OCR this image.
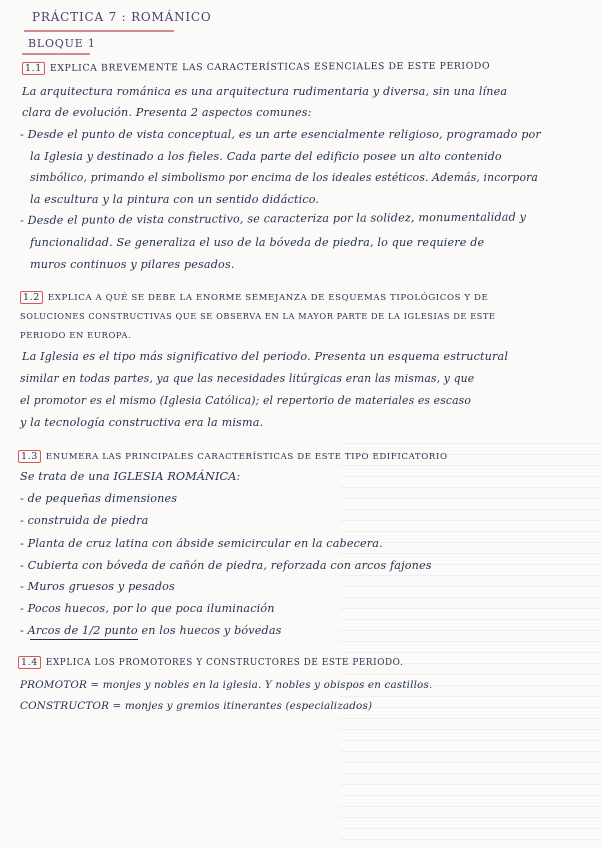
PRÁCTICA 7 : ROMÁNICO
BLOQUE 1
1.1 EXPLICA BREVEMENTE LAS CARACTERÍSTICAS ESENCIALES DE ESTE PERIODO
La arquitectura románica es una arquitectura rudimentaria y diversa, sin una línea
clara de evolución. Presenta 2 aspectos comunes:
- Desde el punto de vista conceptual, es un arte esencialmente religioso, programado por
la Iglesia y destinado a los fieles. Cada parte del edificio posee un alto contenido
simbólico, primando el simbolismo por encima de los ideales estéticos. Además, incorpora
la escultura y la pintura con un sentido didáctico.
- Desde el punto de vista constructivo, se caracteriza por la solidez, monumentalidad y
funcionalidad. Se generaliza el uso de la bóveda de piedra, lo que requiere de
muros continuos y pilares pesados.
1.2 EXPLICA A QUÉ SE DEBE LA ENORME SEMEJANZA DE ESQUEMAS TIPOLÓGICOS Y DE
SOLUCIONES CONSTRUCTIVAS QUE SE OBSERVA EN LA MAYOR PARTE DE LA IGLESIAS DE ESTE
PERIODO EN EUROPA.
La Iglesia es el tipo más significativo del periodo. Presenta un esquema estructural
similar en todas partes, ya que las necesidades litúrgicas eran las mismas, y que
el promotor es el mismo (Iglesia Católica); el repertorio de materiales es escaso
y la tecnología constructiva era la misma.
1.3 ENUMERA LAS PRINCIPALES CARACTERÍSTICAS DE ESTE TIPO EDIFICATORIO
Se trata de una IGLESIA ROMÁNICA:
- de pequeñas dimensiones
- construida de piedra
- Planta de cruz latina con ábside semicircular en la cabecera.
- Cubierta con bóveda de cañón de piedra, reforzada con arcos fajones
- Muros gruesos y pesados
- Pocos huecos, por lo que poca iluminación
- Arcos de 1/2 punto en los huecos y bóvedas
1.4 EXPLICA LOS PROMOTORES Y CONSTRUCTORES DE ESTE PERIODO.
PROMOTOR = monjes y nobles en la iglesia. Y nobles y obispos en castillos.
CONSTRUCTOR = monjes y gremios itinerantes (especializados)
